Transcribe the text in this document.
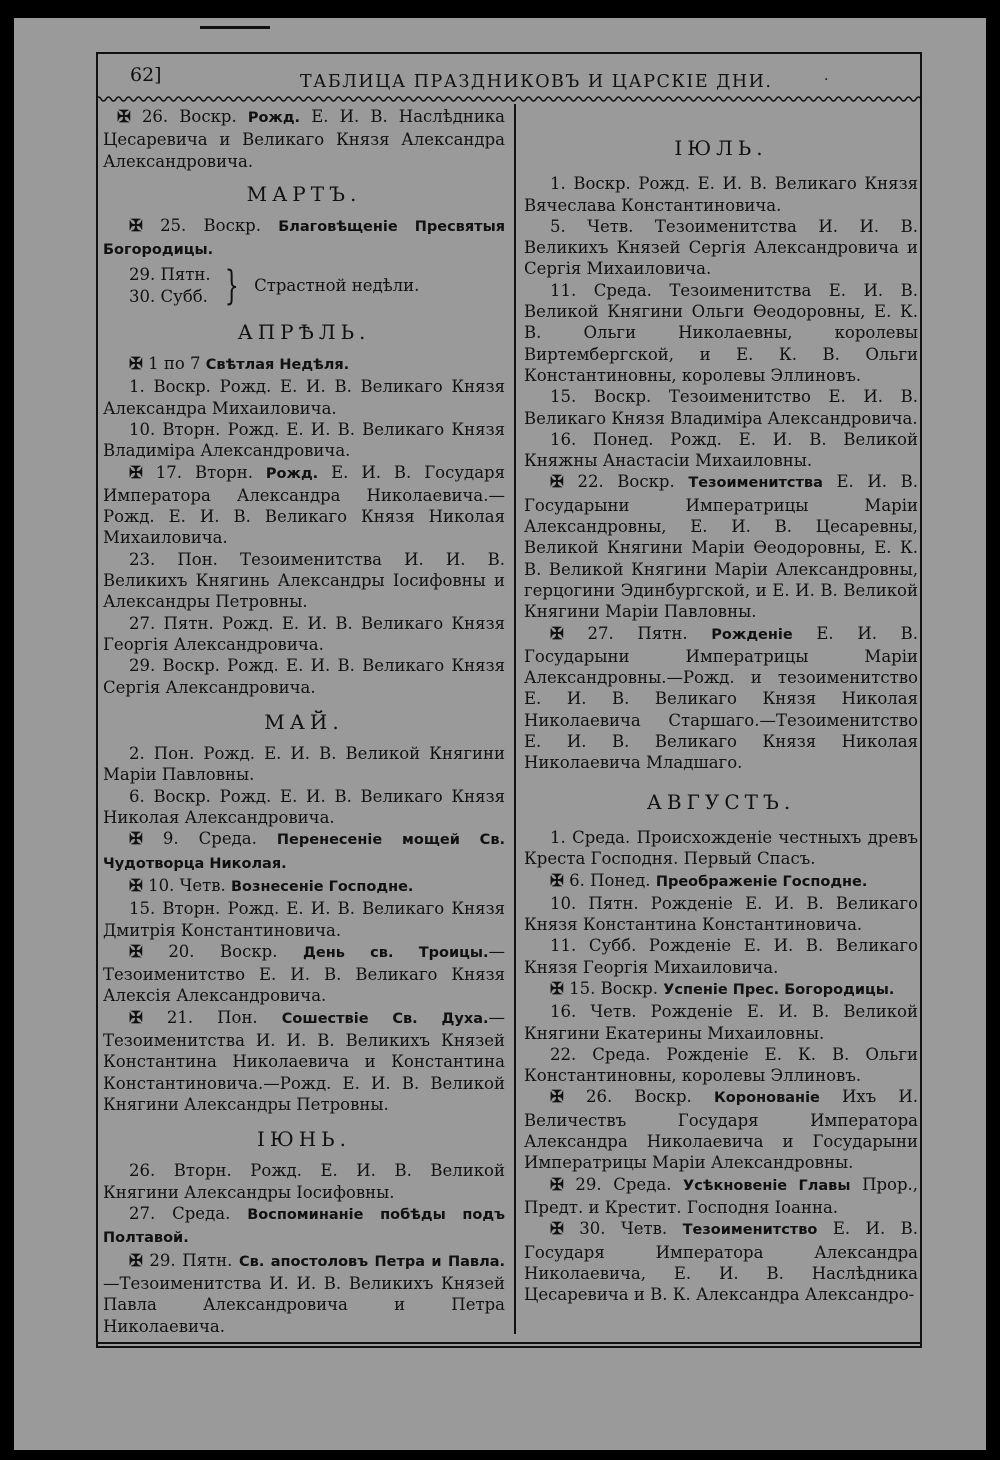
62]	ТАБЛИЦА ПРАЗДНИКОВЪ И ЦАРСКІЕ ДНИ.	·

✠ 26. Воскр. Рожд. Е. И. В. Наслѣдника Цесаревича и Великаго Князя Александра Александровича.

МАРТЪ.

✠ 25. Воскр. Благовѣщеніе Пресвятыя Богородицы.

29. Пятн.
30. Субб. } Страстной недѣли.
АПРѢЛЬ.

✠ 1 по 7 Свѣтлая Недѣля.

1. Воскр. Рожд. Е. И. В. Великаго Князя Александра Михаиловича.

10. Вторн. Рожд. Е. И. В. Великаго Князя Владиміра Александровича.

✠ 17. Вторн. Рожд. Е. И. В. Государя Императора Александра Николаевича.—Рожд. Е. И. В. Великаго Князя Николая Михаиловича.

23. Пон. Тезоименитства И. И. В. Великихъ Княгинь Александры Іосифовны и Александры Петровны.

27. Пятн. Рожд. Е. И. В. Великаго Князя Георгія Александровича.

29. Воскр. Рожд. Е. И. В. Великаго Князя Сергія Александровича.

МАЙ.

2. Пон. Рожд. Е. И. В. Великой Княгини Маріи Павловны.

6. Воскр. Рожд. Е. И. В. Великаго Князя Николая Александровича.

✠ 9. Среда. Перенесеніе мощей Св. Чудотворца Николая.

✠ 10. Четв. Вознесеніе Господне.

15. Вторн. Рожд. Е. И. В. Великаго Князя Дмитрія Константиновича.

✠ 20. Воскр. День св. Троицы.—Тезоименитство Е. И. В. Великаго Князя Алексія Александровича.

✠ 21. Пон. Сошествіе Св. Духа.—Тезоименитства И. И. В. Великихъ Князей Константина Николаевича и Константина Константиновича.—Рожд. Е. И. В. Великой Княгини Александры Петровны.

ІЮНЬ.

26. Вторн. Рожд. Е. И. В. Великой Княгини Александры Іосифовны.

27. Среда. Воспоминаніе побѣды подъ Полтавой.

✠ 29. Пятн. Св. апостоловъ Петра и Павла.—Тезоименитства И. И. В. Великихъ Князей Павла Александровича и Петра Николаевича.

ІЮЛЬ.

1. Воскр. Рожд. Е. И. В. Великаго Князя Вячеслава Константиновича.

5. Четв. Тезоименитства И. И. В. Великихъ Князей Сергія Александровича и Сергія Михаиловича.

11. Среда. Тезоименитства Е. И. В. Великой Княгини Ольги Ѳеодоровны, Е. К. В. Ольги Николаевны, королевы Виртембергской, и Е. К. В. Ольги Константиновны, королевы Эллиновъ.

15. Воскр. Тезоименитство Е. И. В. Великаго Князя Владиміра Александровича.

16. Понед. Рожд. Е. И. В. Великой Княжны Анастасіи Михаиловны.

✠ 22. Воскр. Тезоименитства Е. И. В. Государыни Императрицы Маріи Александровны, Е. И. В. Цесаревны, Великой Княгини Маріи Ѳеодоровны, Е. К. В. Великой Княгини Маріи Александровны, герцогини Эдинбургской, и Е. И. В. Великой Княгини Маріи Павловны.

✠ 27. Пятн. Рожденіе Е. И. В. Государыни Императрицы Маріи Александровны.—Рожд. и тезоименитство Е. И. В. Великаго Князя Николая Николаевича Старшаго.—Тезоименитство Е. И. В. Великаго Князя Николая Николаевича Младшаго.

АВГУСТЪ.

1. Среда. Происхожденіе честныхъ древъ Креста Господня. Первый Спасъ.

✠ 6. Понед. Преображеніе Господне.

10. Пятн. Рожденіе Е. И. В. Великаго Князя Константина Константиновича.

11. Субб. Рожденіе Е. И. В. Великаго Князя Георгія Михаиловича.

✠ 15. Воскр. Успеніе Прес. Богородицы.

16. Четв. Рожденіе Е. И. В. Великой Княгини Екатерины Михаиловны.

22. Среда. Рожденіе Е. К. В. Ольги Константиновны, королевы Эллиновъ.

✠ 26. Воскр. Коронованіе Ихъ И. Величествъ Государя Императора Александра Николаевича и Государыни Императрицы Маріи Александровны.

✠ 29. Среда. Усѣкновеніе Главы Прор., Предт. и Крестит. Господня Іоанна.

✠ 30. Четв. Тезоименитство Е. И. В. Государя Императора Александра Николаевича, Е. И. В. Наслѣдника Цесаревича и В. К. Александра Александро-
